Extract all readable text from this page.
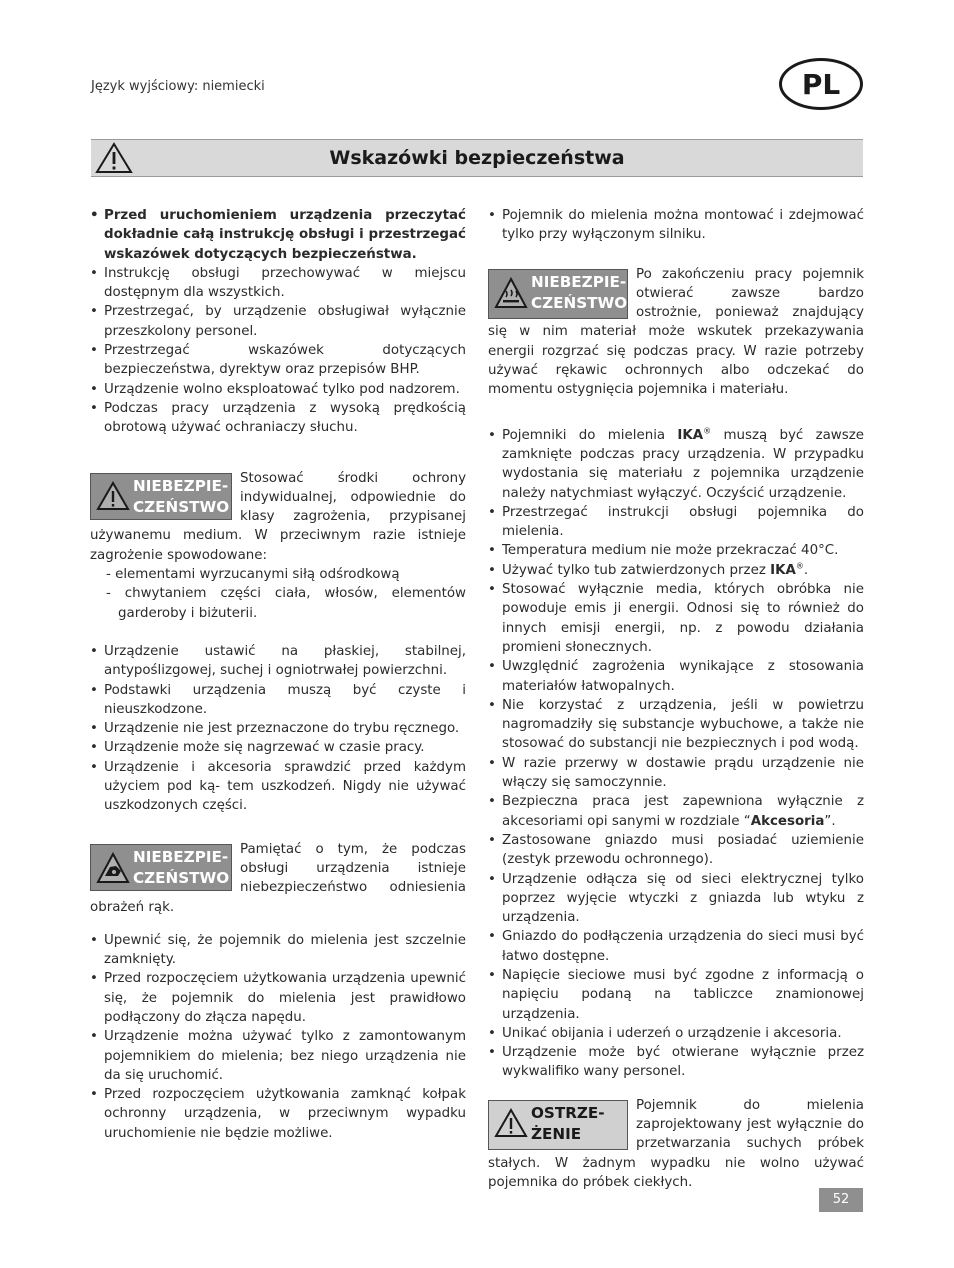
Język wyjściowy: niemiecki	PL
Wskazówki bezpieczeństwa

• Przed uruchomieniem urządzenia przeczytać dokładnie całą instrukcję obsługi i przestrzegać wskazówek dotyczących bezpieczeństwa.

• Instrukcję obsługi przechowywać w miejscu dostępnym dla wszystkich.

• Przestrzegać, by urządzenie obsługiwał wyłącznie przeszkolony personel.

• Przestrzegać wskazówek dotyczących bezpieczeństwa, dyrektyw oraz przepisów BHP.

• Urządzenie wolno eksploatować tylko pod nadzorem.

• Podczas pracy urządzenia z wysoką prędkością obrotową używać ochraniaczy słuchu.

NIEBEZPIE-
CZEŃSTWO

Stosować środki ochrony indywidualnej, odpowiednie do klasy zagrożenia, przypisanej używanemu medium. W przeciwnym razie istnieje zagrożenie spowodowane:

- elementami wyrzucanymi siłą odśrodkową

- chwytaniem części ciała, włosów, elementów garderoby i biżuterii.

• Urządzenie ustawić na płaskiej, stabilnej, antypoślizgowej, suchej i ogniotrwałej powierzchni.

• Podstawki urządzenia muszą być czyste i nieuszkodzone.

• Urządzenie nie jest przeznaczone do trybu ręcznego.

• Urządzenie może się nagrzewać w czasie pracy.

• Urządzenie i akcesoria sprawdzić przed każdym użyciem pod ką- tem uszkodzeń. Nigdy nie używać uszkodzonych części.

NIEBEZPIE-
CZEŃSTWO

Pamiętać o tym, że podczas obsługi urządzenia istnieje niebezpieczeństwo odniesienia obrażeń rąk.

• Upewnić się, że pojemnik do mielenia jest szczelnie zamknięty.

• Przed rozpoczęciem użytkowania urządzenia upewnić się, że pojemnik do mielenia jest prawidłowo podłączony do złącza napędu.

• Urządzenie można używać tylko z zamontowanym pojemnikiem do mielenia; bez niego urządzenia nie da się uruchomić.

• Przed rozpoczęciem użytkowania zamknąć kołpak ochronny urządzenia, w przeciwnym wypadku uruchomienie nie będzie możliwe.

• Pojemnik do mielenia można montować i zdejmować tylko przy wyłączonym silniku.

NIEBEZPIE-
CZEŃSTWO

Po zakończeniu pracy pojemnik otwierać zawsze bardzo ostrożnie, ponieważ znajdujący się w nim materiał może wskutek przekazywania energii rozgrzać się podczas pracy. W razie potrzeby używać rękawic ochronnych albo odczekać do momentu ostygnięcia pojemnika i materiału.

• Pojemniki do mielenia IKA® muszą być zawsze zamknięte podczas pracy urządzenia. W przypadku wydostania się materiału z pojemnika urządzenie należy natychmiast wyłączyć. Oczyścić urządzenie.

• Przestrzegać instrukcji obsługi pojemnika do mielenia.

• Temperatura medium nie może przekraczać 40°C.

• Używać tylko tub zatwierdzonych przez IKA®.

• Stosować wyłącznie media, których obróbka nie powoduje emis ji energii. Odnosi się to również do innych emisji energii, np. z powodu działania promieni słonecznych.

• Uwzględnić zagrożenia wynikające z stosowania materiałów łatwopalnych.

• Nie korzystać z urządzenia, jeśli w powietrzu nagromadziły się substancje wybuchowe, a także nie stosować do substancji nie bezpiecznych i pod wodą.

• W razie przerwy w dostawie prądu urządzenie nie włączy się samoczynnie.

• Bezpieczna praca jest zapewniona wyłącznie z akcesoriami opi sanymi w rozdziale “Akcesoria”.

• Zastosowane gniazdo musi posiadać uziemienie (zestyk przewodu ochronnego).

• Urządzenie odłącza się od sieci elektrycznej tylko poprzez wyjęcie wtyczki z gniazda lub wtyku z urządzenia.

• Gniazdo do podłączenia urządzenia do sieci musi być łatwo dostępne.

• Napięcie sieciowe musi być zgodne z informacją o napięciu podaną na tabliczce znamionowej urządzenia.

• Unikać obijania i uderzeń o urządzenie i akcesoria.

• Urządzenie może być otwierane wyłącznie przez wykwalifiko wany personel.

OSTRZE-
ŻENIE

Pojemnik do mielenia zaprojektowany jest wyłącznie do przetwarzania suchych próbek stałych. W żadnym wypadku nie wolno używać pojemnika do próbek ciekłych.

52
